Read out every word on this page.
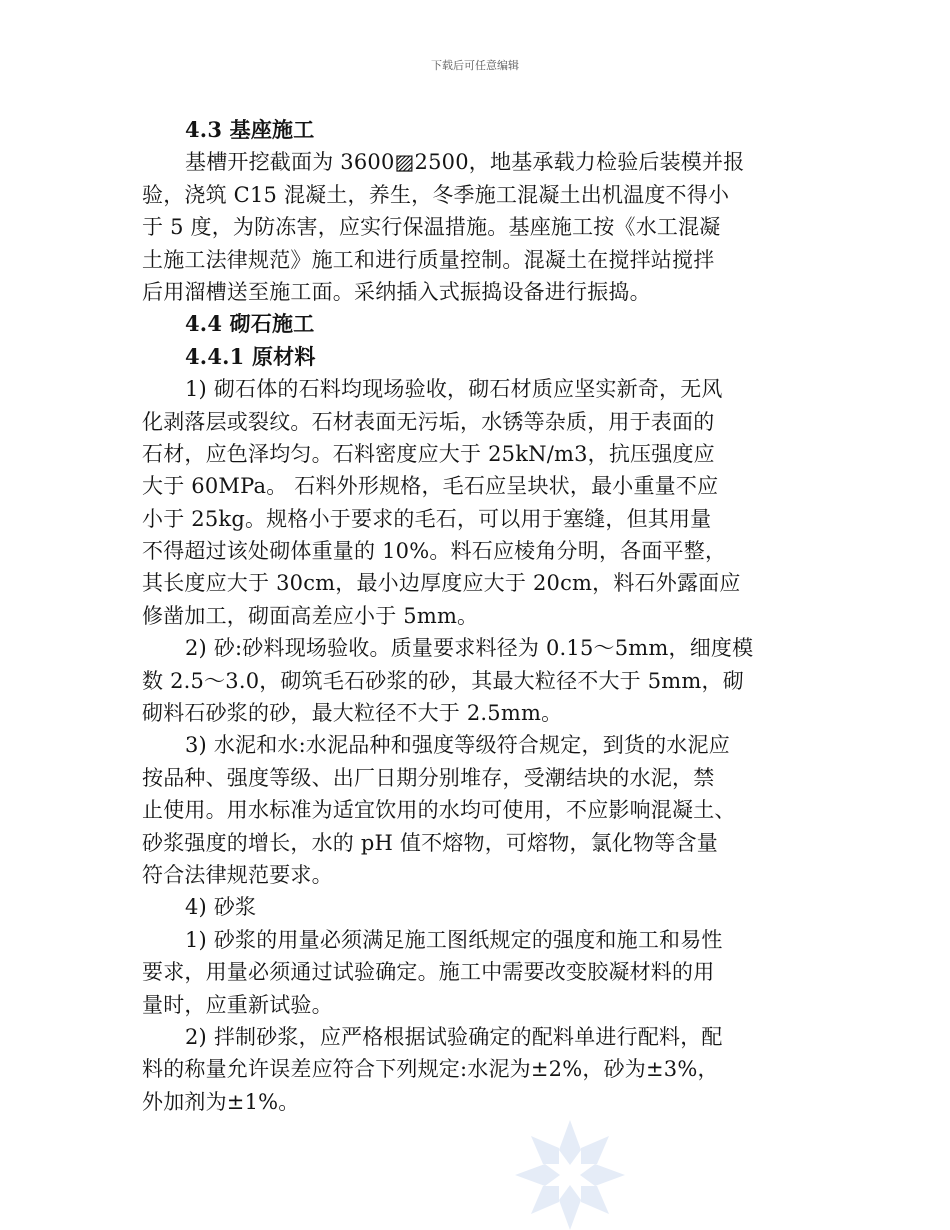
下载后可任意编辑
4.3 基座施工
基槽开挖截面为 3600▨2500，地基承载力检验后装模并报
验，浇筑 C15 混凝土，养生，冬季施工混凝土出机温度不得小
于 5 度，为防冻害，应实行保温措施。基座施工按《水工混凝
土施工法律规范》施工和进行质量控制。混凝土在搅拌站搅拌
后用溜槽送至施工面。采纳插入式振捣设备进行振捣。
4.4 砌石施工
4.4.1 原材料
1) 砌石体的石料均现场验收，砌石材质应坚实新奇，无风
化剥落层或裂纹。石材表面无污垢，水锈等杂质，用于表面的
石材，应色泽均匀。石料密度应大于 25kN/m3，抗压强度应
大于 60MPa。 石料外形规格，毛石应呈块状，最小重量不应
小于 25kg。规格小于要求的毛石，可以用于塞缝，但其用量
不得超过该处砌体重量的 10%。料石应棱角分明，各面平整，
其长度应大于 30cm，最小边厚度应大于 20cm，料石外露面应
修凿加工，砌面高差应小于 5mm。
2) 砂:砂料现场验收。质量要求料径为 0.15～5mm，细度模
数 2.5～3.0，砌筑毛石砂浆的砂，其最大粒径不大于 5mm，砌
砌料石砂浆的砂，最大粒径不大于 2.5mm。
3) 水泥和水:水泥品种和强度等级符合规定，到货的水泥应
按品种、强度等级、出厂日期分别堆存，受潮结块的水泥，禁
止使用。用水标准为适宜饮用的水均可使用，不应影响混凝土、
砂浆强度的增长，水的 pH 值不熔物，可熔物，氯化物等含量
符合法律规范要求。
4) 砂浆
1) 砂浆的用量必须满足施工图纸规定的强度和施工和易性
要求，用量必须通过试验确定。施工中需要改变胶凝材料的用
量时，应重新试验。
2) 拌制砂浆，应严格根据试验确定的配料单进行配料，配
料的称量允许误差应符合下列规定:水泥为±2%，砂为±3%，
外加剂为±1%。
